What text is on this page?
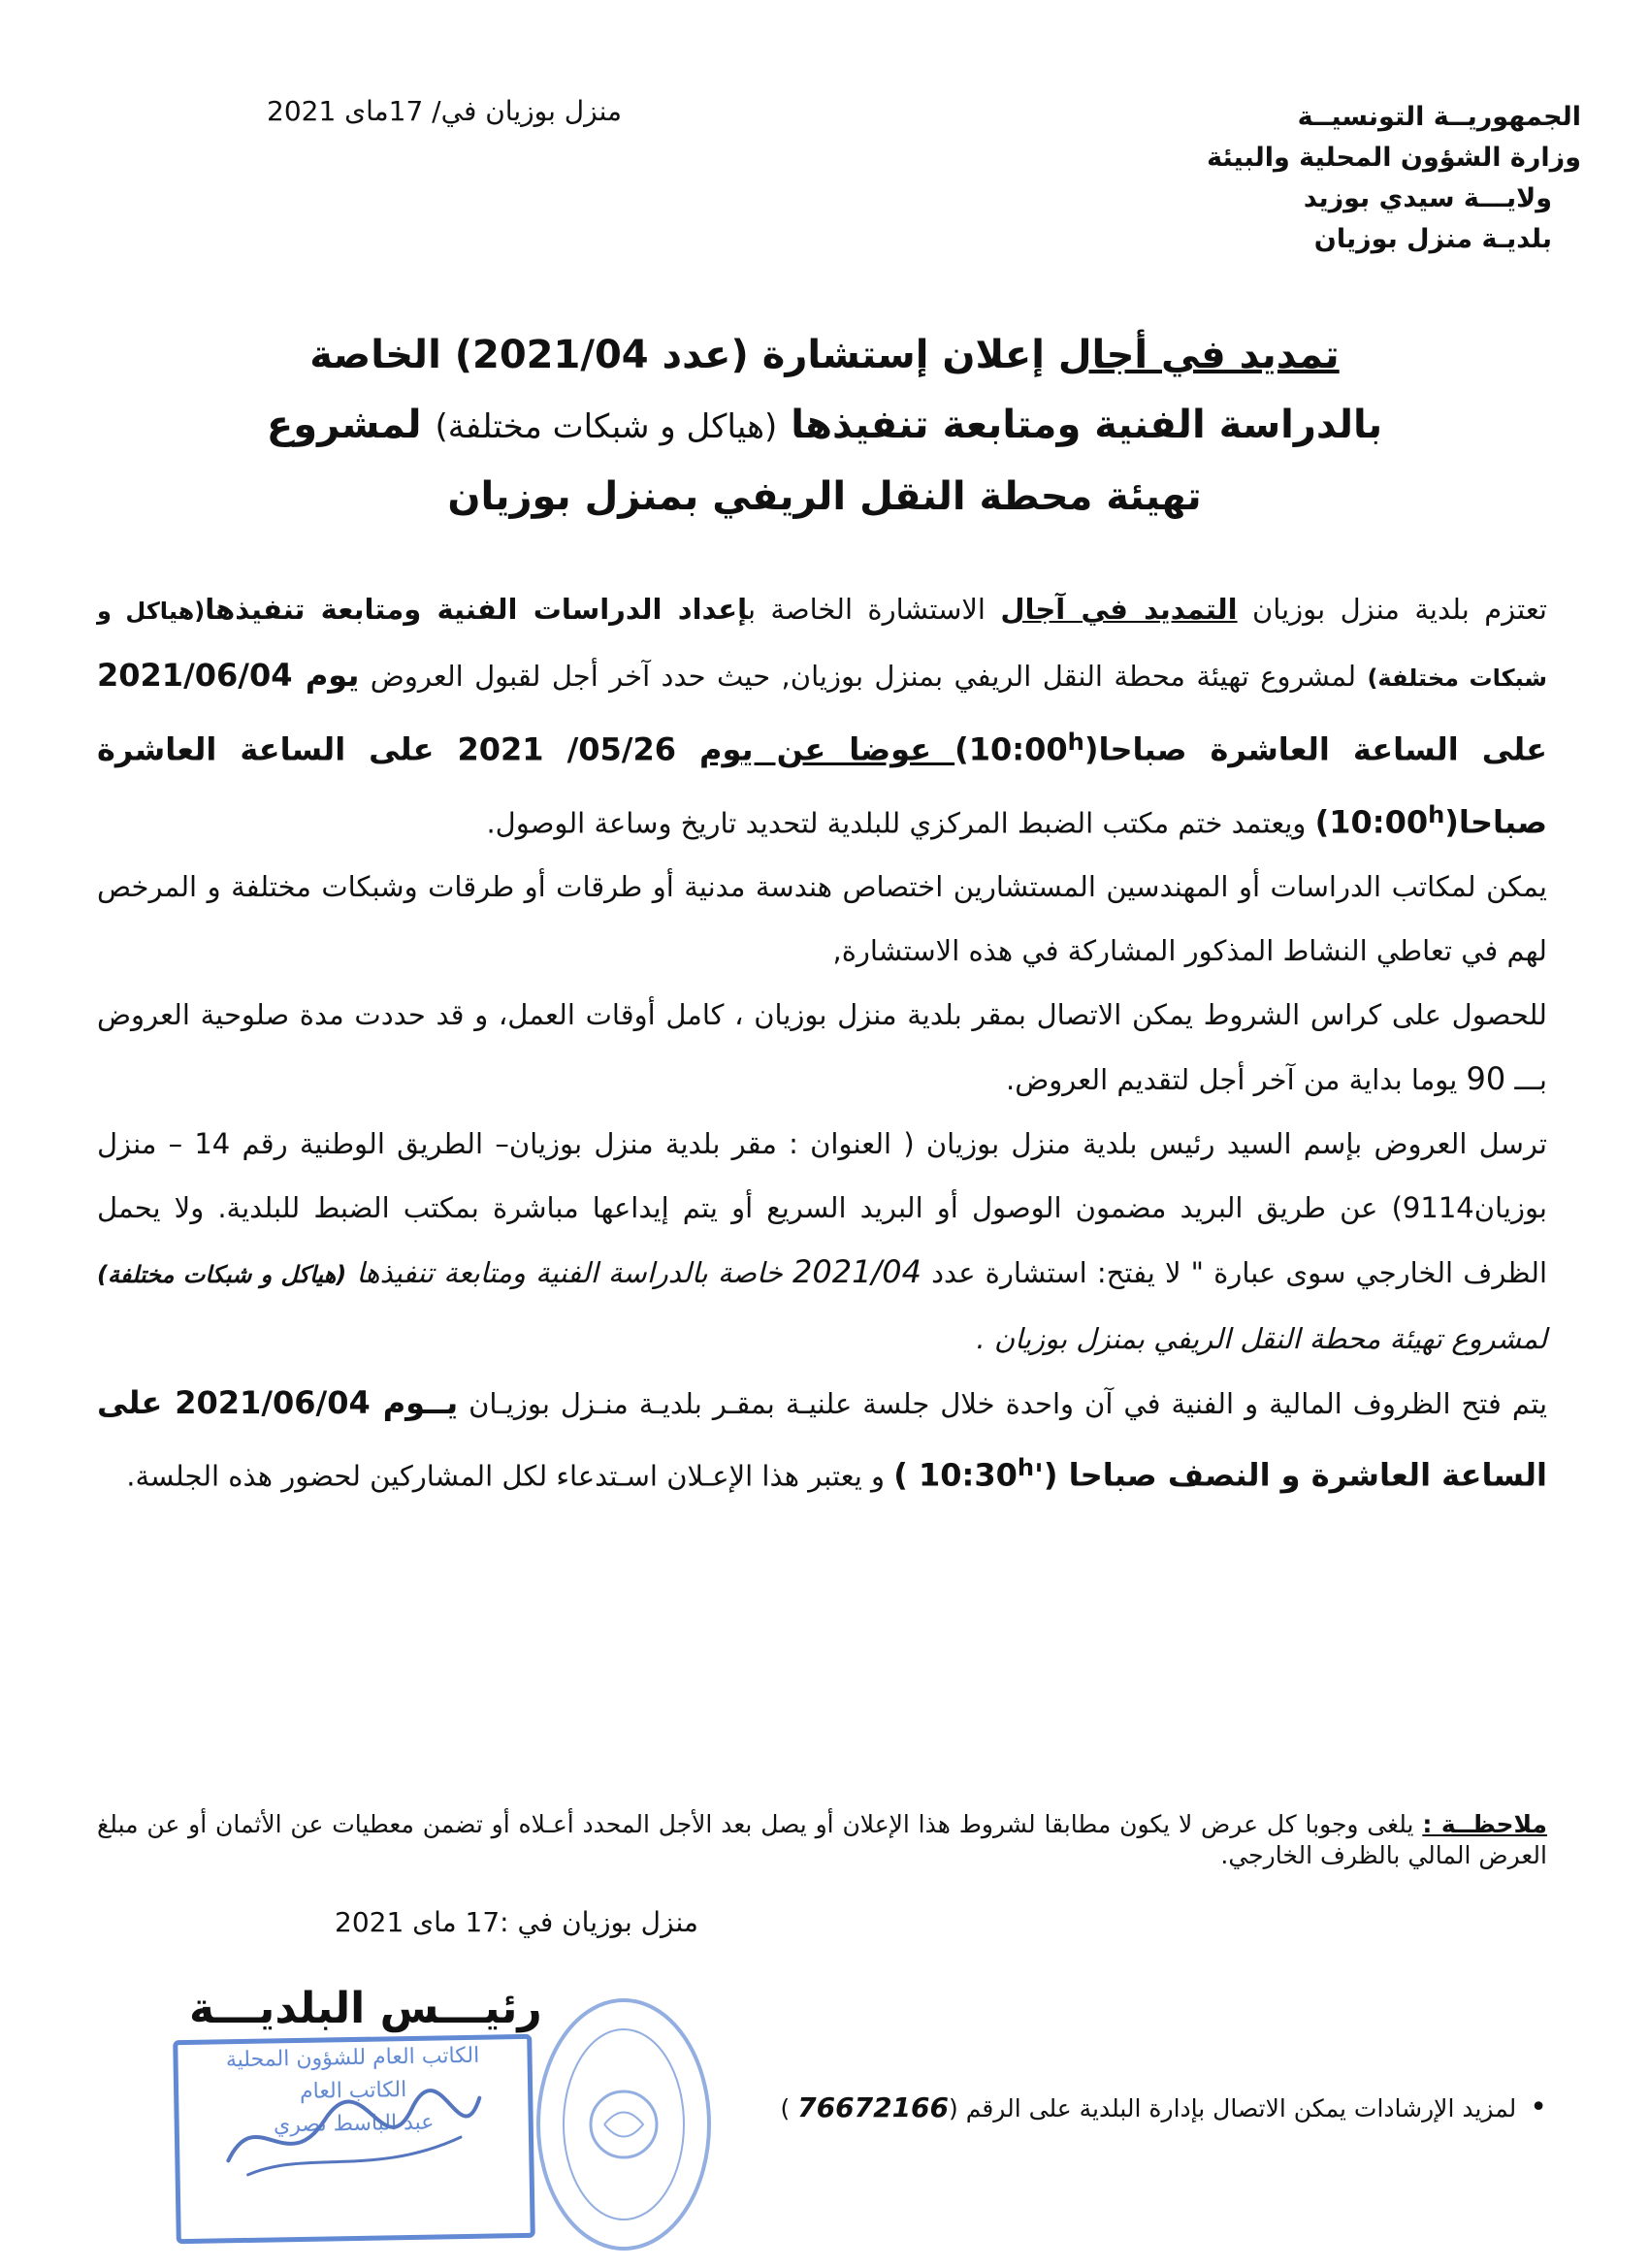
الجمهوريــة التونسيــة
وزارة الشؤون المحلية والبيئة
ولايـــة سيدي بوزيد
بلديـة منزل بوزيان
منزل بوزيان في/ 17ماى 2021
تمديد في أجال إعلان إستشارة (عدد 2021/04) الخاصة
بالدراسة الفنية ومتابعة تنفيذها (هياكل و شبكات مختلفة) لمشروع
تهيئة محطة النقل الريفي بمنزل بوزيان

تعتزم بلدية منزل بوزيان التمديد في آجال الاستشارة الخاصة بإعداد الدراسات الفنية ومتابعة تنفيذها(هياكل و شبكات مختلفة) لمشروع تهيئة محطة النقل الريفي بمنزل بوزيان, حيث حدد آخر أجل لقبول العروض يوم 2021/06/04 على الساعة العاشرة صباحا(10:00$^h$) عوضا عن يوم 05/26/ 2021 على الساعة العاشرة صباحا(10:00$^h$) ويعتمد ختم مكتب الضبط المركزي للبلدية لتحديد تاريخ وساعة الوصول.

يمكن لمكاتب الدراسات أو المهندسين المستشارين اختصاص هندسة مدنية أو طرقات أو طرقات وشبكات مختلفة و المرخص لهم في تعاطي النشاط المذكور المشاركة في هذه الاستشارة,

للحصول على كراس الشروط يمكن الاتصال بمقر بلدية منزل بوزيان ، كامل أوقات العمل، و قد حددت مدة صلوحية العروض بـــ 90 يوما بداية من آخر أجل لتقديم العروض.

ترسل العروض بإسم السيد رئيس بلدية منزل بوزيان ( العنوان : مقر بلدية منزل بوزيان– الطريق الوطنية رقم 14 – منزل بوزيان9114) عن طريق البريد مضمون الوصول أو البريد السريع أو يتم إيداعها مباشرة بمكتب الضبط للبلدية. ولا يحمل الظرف الخارجي سوى عبارة " لا يفتح: استشارة عدد 2021/04 خاصة بالدراسة الفنية ومتابعة تنفيذها (هياكل و شبكات مختلفة) لمشروع تهيئة محطة النقل الريفي بمنزل بوزيان .

يتم فتح الظروف المالية و الفنية في آن واحدة خلال جلسة علنيـة بمقـر بلديـة منـزل بوزيـان يــوم 2021/06/04 على الساعة العاشرة و النصف صباحا ('10:30$^h$ ) و يعتبر هذا الإعـلان اسـتدعاء لكل المشاركين لحضور هذه الجلسة.

ملاحظــة : يلغى وجوبا كل عرض لا يكون مطابقا لشروط هذا الإعلان أو يصل بعد الأجل المحدد أعـلاه أو تضمن معطيات عن الأثمان أو عن مبلغ العرض المالي بالظرف الخارجي.
منزل بوزيان في :17 ماى 2021
رئيـــس البلديـــة
الكاتب العام للشؤون المحلية
الكاتب العام
عبد الباسط نصري	•لمزيد الإرشادات يمكن الاتصال بإدارة البلدية على الرقم (76672166 )
